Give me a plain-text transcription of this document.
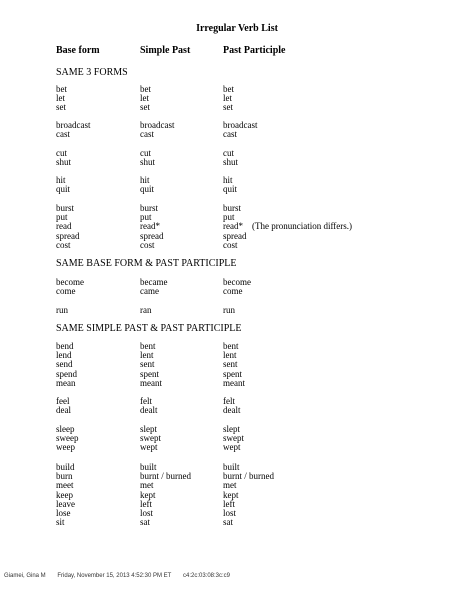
Irregular Verb List
Base form	Simple Past	Past Participle
SAME 3 FORMS
bet	bet	bet
let	let	let
set	set	set
broadcast	broadcast	broadcast
cast	cast	cast
cut	cut	cut
shut	shut	shut
hit	hit	hit
quit	quit	quit
burst	burst	burst
put	put	put
read	read*	read* (The pronunciation differs.)
spread	spread	spread
cost	cost	cost
SAME BASE FORM & PAST PARTICIPLE
become	became	become
come	came	come
run	ran	run
SAME SIMPLE PAST & PAST PARTICIPLE
bend	bent	bent
lend	lent	lent
send	sent	sent
spend	spent	spent
mean	meant	meant
feel	felt	felt
deal	dealt	dealt
sleep	slept	slept
sweep	swept	swept
weep	wept	wept
build	built	built
burn	burnt / burned	burnt / burned
meet	met	met
keep	kept	kept
leave	left	left
lose	lost	lost
sit	sat	sat
Giamei, Gina M Friday, November 15, 2013 4:52:30 PM ET c4:2c:03:08:3c:c9
